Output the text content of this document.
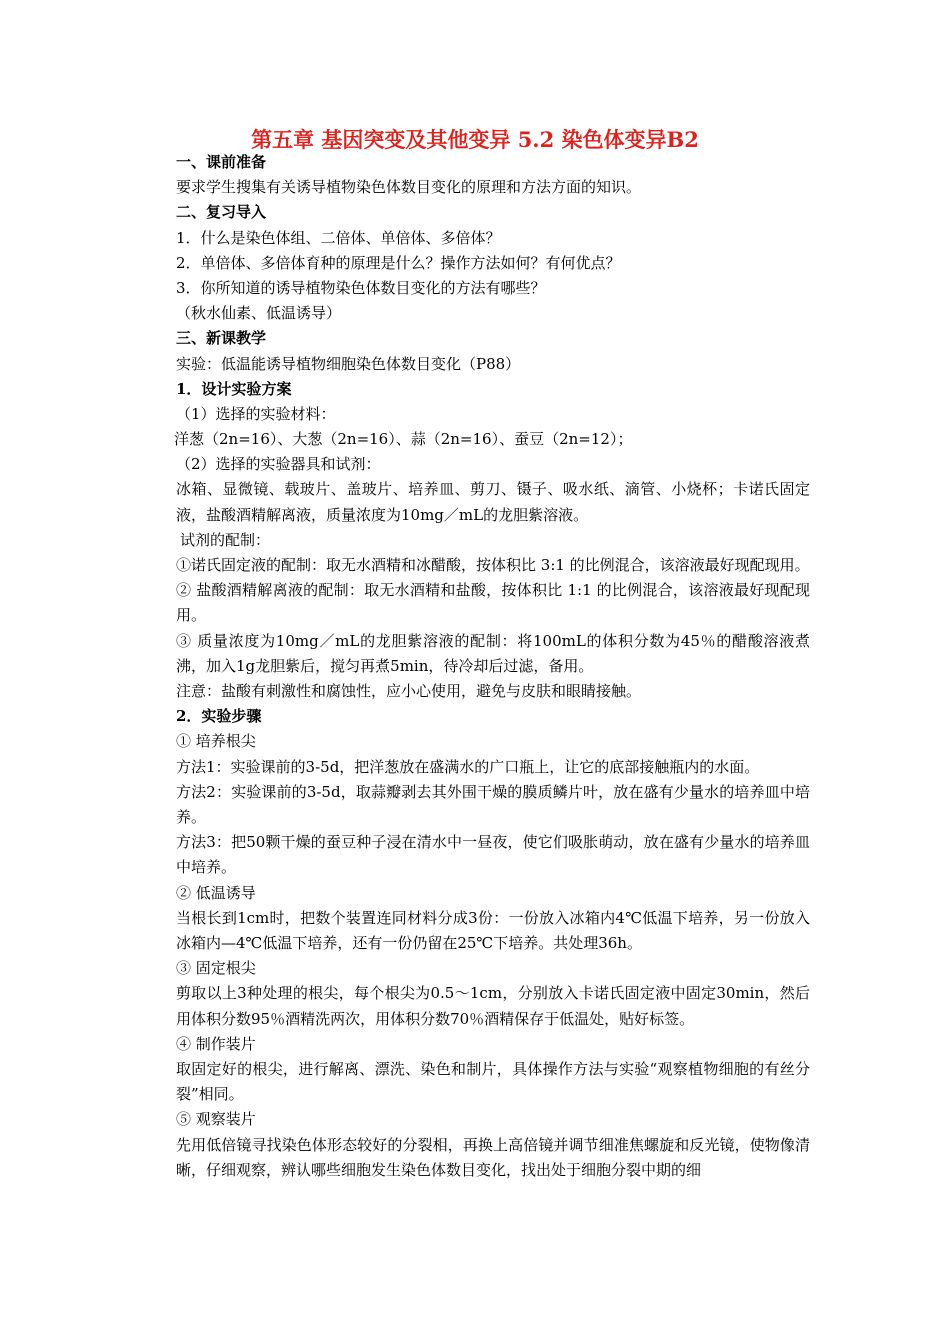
第五章 基因突变及其他变异 5.2 染色体变异B2
一、课前准备
要求学生搜集有关诱导植物染色体数目变化的原理和方法方面的知识。
二、复习导入
1．什么是染色体组、二倍体、单倍体、多倍体？
2．单倍体、多倍体育种的原理是什么？操作方法如何？有何优点？
3．你所知道的诱导植物染色体数目变化的方法有哪些？
（秋水仙素、低温诱导）
三、新课教学
实验：低温能诱导植物细胞染色体数目变化（P88）
1．设计实验方案
（1）选择的实验材料：
洋葱（2n=16）、大葱（2n=16）、蒜（2n=16）、蚕豆（2n=12）；
（2）选择的实验器具和试剂：
冰箱、显微镜、载玻片、盖玻片、培养皿、剪刀、镊子、吸水纸、滴管、小烧杯；卡诺氏固定液，盐酸酒精解离液，质量浓度为10mg／mL的龙胆紫溶液。
试剂的配制：
①诺氏固定液的配制：取无水酒精和冰醋酸，按体积比 3:1 的比例混合，该溶液最好现配现用。
② 盐酸酒精解离液的配制：取无水酒精和盐酸，按体积比 1:1 的比例混合，该溶液最好现配现用。
③ 质量浓度为10mg／mL的龙胆紫溶液的配制：将100mL的体积分数为45％的醋酸溶液煮沸，加入1g龙胆紫后，搅匀再煮5min，待冷却后过滤，备用。
注意：盐酸有刺激性和腐蚀性，应小心使用，避免与皮肤和眼睛接触。
2．实验步骤
① 培养根尖
方法1：实验课前的3-5d，把洋葱放在盛满水的广口瓶上，让它的底部接触瓶内的水面。
方法2：实验课前的3-5d，取蒜瓣剥去其外围干燥的膜质鳞片叶，放在盛有少量水的培养皿中培养。
方法3：把50颗干燥的蚕豆种子浸在清水中一昼夜，使它们吸胀萌动，放在盛有少量水的培养皿中培养。
② 低温诱导
当根长到1cm时，把数个装置连同材料分成3份：一份放入冰箱内4℃低温下培养，另一份放入冰箱内—4℃低温下培养，还有一份仍留在25℃下培养。共处理36h。
③ 固定根尖
剪取以上3种处理的根尖，每个根尖为0.5～1cm，分别放入卡诺氏固定液中固定30min，然后用体积分数95％酒精洗两次，用体积分数70％酒精保存于低温处，贴好标签。
④ 制作装片
取固定好的根尖，进行解离、漂洗、染色和制片，具体操作方法与实验“观察植物细胞的有丝分裂”相同。
⑤ 观察装片
先用低倍镜寻找染色体形态较好的分裂相，再换上高倍镜并调节细准焦螺旋和反光镜，使物像清晰，仔细观察，辨认哪些细胞发生染色体数目变化，找出处于细胞分裂中期的细
